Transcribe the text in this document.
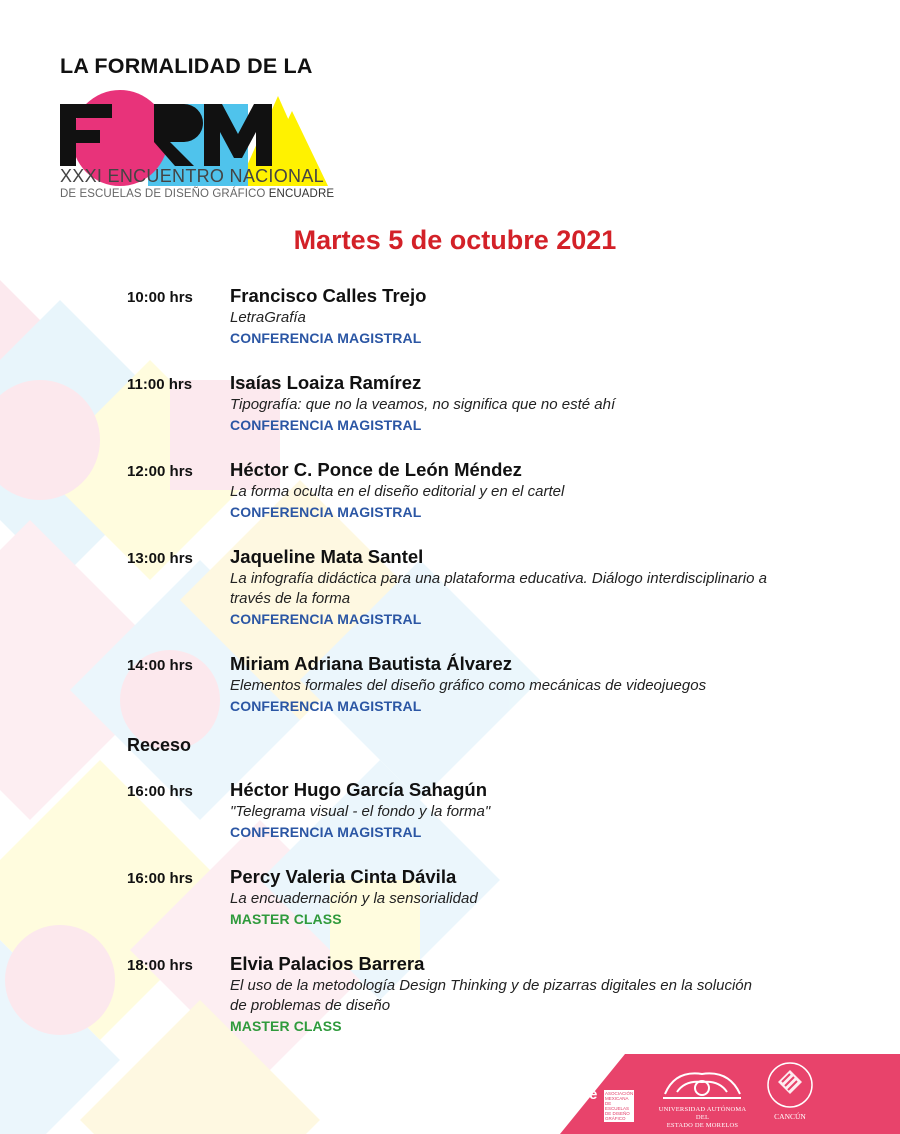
LA FORMALIDAD DE LA
XXXI ENCUENTRO NACIONAL
DE ESCUELAS DE DISEÑO GRÁFICO ENCUADRE
Martes 5 de octubre 2021
10:00 hrs Francisco Calles Trejo
LetraGrafía
CONFERENCIA MAGISTRAL
11:00 hrs Isaías Loaiza Ramírez
Tipografía: que no la veamos, no significa que no esté ahí
CONFERENCIA MAGISTRAL
12:00 hrs Héctor C. Ponce de León Méndez
La forma oculta en el diseño editorial y en el cartel
CONFERENCIA MAGISTRAL
13:00 hrs Jaqueline Mata Santel
La infografía didáctica para una plataforma educativa. Diálogo interdisciplinario a través de la forma
CONFERENCIA MAGISTRAL
14:00 hrs Miriam Adriana Bautista Álvarez
Elementos formales del diseño gráfico como mecánicas de videojuegos
CONFERENCIA MAGISTRAL
Receso
16:00 hrs Héctor Hugo García Sahagún
"Telegrama visual - el fondo y la forma"
CONFERENCIA MAGISTRAL
16:00 hrs Percy Valeria Cinta Dávila
La encuadernación y la sensorialidad
MASTER CLASS
18:00 hrs Elvia Palacios Barrera
El uso de la metodología Design Thinking y de pizarras digitales en la solución de problemas de diseño
MASTER CLASS
en
cua
dre	ASOCIACIÓN MEXICANA DE ESCUELAS DE DISEÑO GRÁFICO
UNIVERSIDAD AUTÓNOMA DEL
ESTADO DE MORELOS
CANCÚN
